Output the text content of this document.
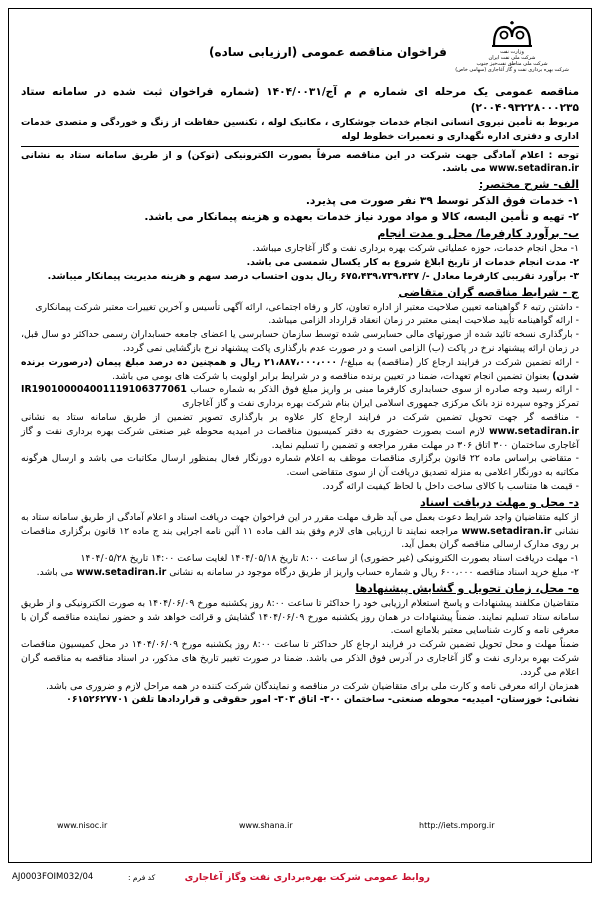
وزارت نفت
شرکت ملی نفت ایران
شرکت ملی مناطق نفت‌خیز جنوب
شرکت بهره برداری نفت و گاز آغاجاری (سهامی خاص)
فراخوان مناقصه عمومی (ارزیابی ساده)

مناقصه عمومی یک مرحله ای شماره م م آج/۱۴۰۴/۰۰۳۱ (شماره فراخوان ثبت شده در سامانه ستاد ۲۰۰۴۰۹۳۲۲۸۰۰۰۲۳۵)

مربوط به تأمین نیروی انسانی انجام خدمات جوشکاری ، مکانیک لوله ، تکنسین حفاظت از زنگ و خوردگی و متصدی خدمات اداری و دفتری اداره نگهداری و تعمیرات خطوط لوله

توجه : اعلام آمادگی جهت شرکت در این مناقصه صرفاً بصورت الکترونیکی (توکن) و از طریق سامانه ستاد به نشانی www.setadiran.ir می باشد.

الف- شرح مختصر:

۱- خدمات فوق الذکر توسط ۳۹ نفر صورت می پذیرد.

۲- تهیه و تأمین البسه، کالا و مواد مورد نیاز خدمات بعهده و هزینه پیمانکار می باشد.

ب- برآورد کارفرما/ محل و مدت انجام

۱- محل انجام خدمات، حوزه عملیاتی شرکت بهره برداری نفت و گاز آغاجاری میباشد.

۲- مدت انجام خدمات از تاریخ ابلاغ شروع به کار یکسال شمسی می باشد.

۳- برآورد تقریبی کارفرما معادل -/ ۶۷۵،۴۳۹،۷۳۹،۴۳۷ ریال بدون احتساب درصد سهم و هزینه مدیریت پیمانکار میباشد.

ج - شرایط مناقصه گران متقاضی

- داشتن رتبه ۶ گواهینامه تعیین صلاحیت معتبر از اداره تعاون، کار و رفاه اجتماعی، ارائه آگهی تأسیس و آخرین تغییرات معتبر شرکت پیمانکاری

- ارائه گواهینامه تأیید صلاحیت ایمنی معتبر در زمان انعقاد قرارداد الزامی میباشد.

- بارگذاری نسخه تائید شده از صورتهای مالی حسابرسی شده توسط سازمان حسابرسی یا اعضای جامعه حسابداران رسمی حداکثر دو سال قبل، در زمان ارائه پیشنهاد نرخ در پاکت (ب) الزامی است و در صورت عدم بارگذاری پاکت پیشنهاد نرخ بازگشایی نمی گردد.

- ارائه تضمین شرکت در فرایند ارجاع کار (مناقصه) به مبلغ-/ ۲۱،۸۸۷،۰۰۰،۰۰۰ ریال و همچنین ده درصد مبلغ پیمان (درصورت برنده شدن) بعنوان تضمین انجام تعهدات، ضمنا در تعیین برنده مناقصه و در شرایط برابر اولویت با شرکت های بومی می باشد.

- ارائه رسید وجه صادره از سوی حسابداری کارفرما مبنی بر واریز مبلغ فوق الذکر به شماره حساب IR190100004001119106377061 تمرکز وجوه سپرده نزد بانک مرکزی جمهوری اسلامی ایران بنام شرکت بهره برداری نفت و گاز آغاجاری

- مناقصه گر جهت تحویل تضمین شرکت در فرایند ارجاع کار علاوه بر بارگذاری تصویر تضمین از طریق سامانه ستاد به نشانی www.setadiran.ir لازم است بصورت حضوری به دفتر کمیسیون مناقصات در امیدیه محوطه غیر صنعتی شرکت بهره برداری نفت و گاز آغاجاری ساختمان ۳۰۰ اتاق ۳۰۶ در مهلت مقرر مراجعه و تضمین را تسلیم نماید.

- متقاضی براساس ماده ۲۲ قانون برگزاری مناقصات موظف به اعلام شماره دورنگار فعال بمنظور ارسال مکاتبات می باشد و ارسال هرگونه مکاتبه به دورنگار اعلامی به منزله تصدیق دریافت آن از سوی متقاضی است.

- قیمت ها متناسب با کالای ساخت داخل با لحاظ کیفیت ارائه گردد.

د- محل و مهلت دریافت اسناد

از کلیه متقاضیان واجد شرایط دعوت بعمل می آید ظرف مهلت مقرر در این فراخوان جهت دریافت اسناد و اعلام آمادگی از طریق سامانه ستاد به نشانی www.setadiran.ir مراجعه نمایند تا ارزیابی های لازم وفق بند الف ماده ۱۱ آئین نامه اجرایی بند ج ماده ۱۲ قانون برگزاری مناقصات بر روی مدارک ارسالی مناقصه گران بعمل آید.

۱- مهلت دریافت اسناد بصورت الکترونیکی (غیر حضوری) از ساعت ۸:۰۰ تاریخ ۱۴۰۴/۰۵/۱۸ لغایت ساعت ۱۴:۰۰ تاریخ ۱۴۰۴/۰۵/۲۸

۲- مبلغ خرید اسناد مناقصه ۶۰۰،۰۰۰ ریال و شماره حساب واریز از طریق درگاه موجود در سامانه به نشانی www.setadiran.ir می باشد.

ه- محل، زمان تحویل و گشایش پیشنهادها

متقاضیان مکلفند پیشنهادات و پاسخ استعلام ارزیابی خود را حداکثر تا ساعت ۸:۰۰ روز یکشنبه مورخ ۱۴۰۴/۰۶/۰۹ به صورت الکترونیکی و از طریق سامانه ستاد تسلیم نمایند. ضمناً پیشنهادات در همان روز یکشنبه مورخ ۱۴۰۴/۰۶/۰۹ گشایش و قرائت خواهد شد و حضور نماینده مناقصه گران با معرفی نامه و کارت شناسایی معتبر بلامانع است.

ضمناً مهلت و محل تحویل تضمین شرکت در فرایند ارجاع کار حداکثر تا ساعت ۸:۰۰ روز یکشنبه مورخ ۱۴۰۴/۰۶/۰۹ در محل کمیسیون مناقصات شرکت بهره برداری نفت و گاز آغاجاری در آدرس فوق الذکر می باشد. ضمنا در صورت تغییر تاریخ های مذکور، در اسناد مناقصه به مناقصه گران اعلام می گردد.

همزمان ارائه معرفی نامه و کارت ملی برای متقاضیان شرکت در مناقصه و نمایندگان شرکت کننده در همه مراحل لازم و ضروری می باشد.

نشانی: خوزستان- امیدیه- محوطه صنعتی- ساختمان ۳۰۰- اتاق ۳۰۳- امور حقوقی و قراردادها تلفن ۰۶۱۵۲۶۲۷۷۰۱

www.nisoc.ir	www.shana.ir	http://iets.mporg.ir
AJ0003FOIM032/04	کد فرم :	روابط عمومی شرکت بهره‌برداری نفت وگاز آغاجاری
